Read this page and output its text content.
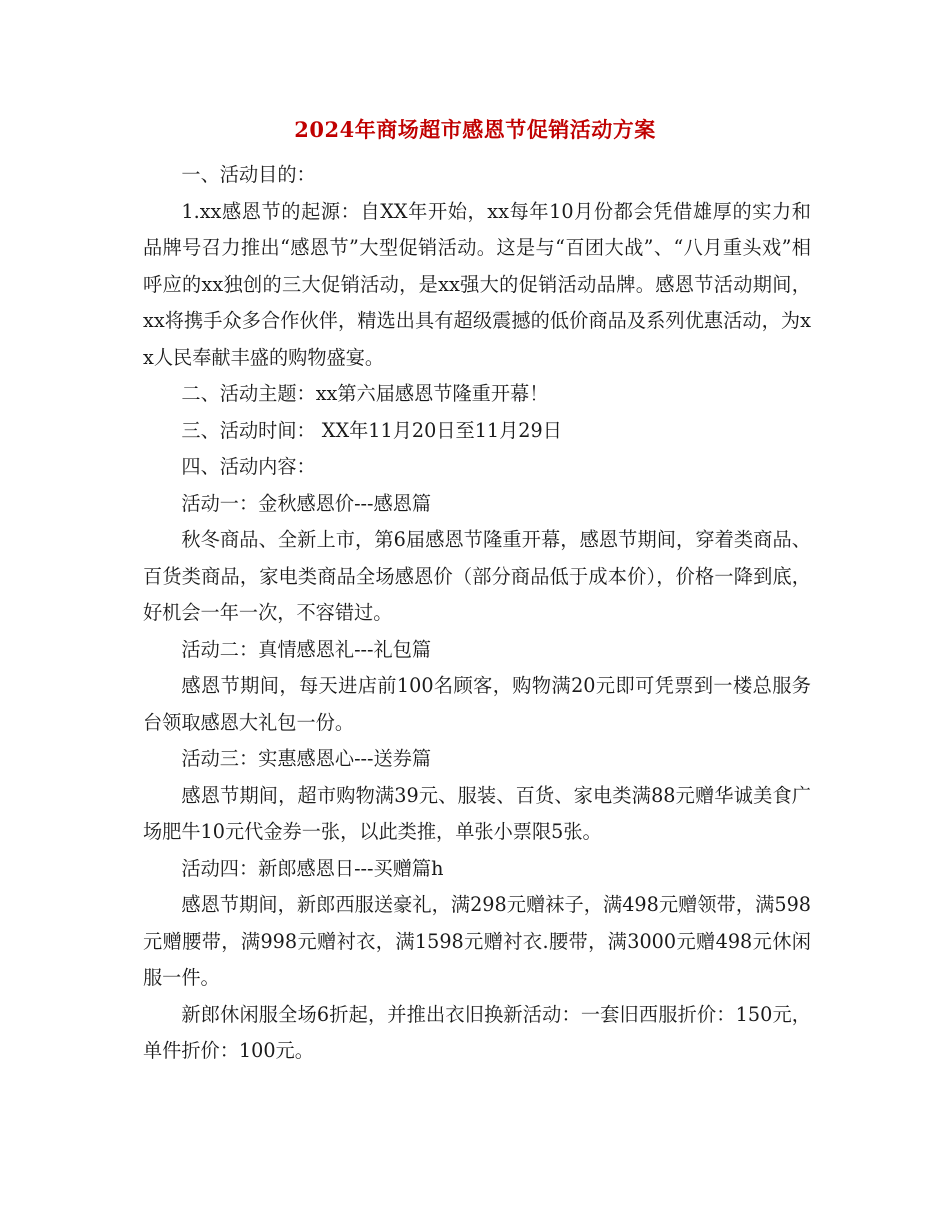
2024年商场超市感恩节促销活动方案

一、活动目的：

1.xx感恩节的起源：自XX年开始，xx每年10月份都会凭借雄厚的实力和品牌号召力推出“感恩节”大型促销活动。这是与“百团大战”、“八月重头戏”相呼应的xx独创的三大促销活动，是xx强大的促销活动品牌。感恩节活动期间，xx将携手众多合作伙伴，精选出具有超级震撼的低价商品及系列优惠活动，为xx人民奉献丰盛的购物盛宴。

二、活动主题：xx第六届感恩节隆重开幕！

三、活动时间： XX年11月20日至11月29日

四、活动内容：

活动一：金秋感恩价---感恩篇

秋冬商品、全新上市，第6届感恩节隆重开幕，感恩节期间，穿着类商品、百货类商品，家电类商品全场感恩价（部分商品低于成本价），价格一降到底，好机会一年一次，不容错过。

活动二：真情感恩礼---礼包篇

感恩节期间，每天进店前100名顾客，购物满20元即可凭票到一楼总服务台领取感恩大礼包一份。

活动三：实惠感恩心---送券篇

感恩节期间，超市购物满39元、服装、百货、家电类满88元赠华诚美食广场肥牛10元代金券一张，以此类推，单张小票限5张。

活动四：新郎感恩日---买赠篇h

感恩节期间，新郎西服送豪礼，满298元赠袜子，满498元赠领带，满598元赠腰带，满998元赠衬衣，满1598元赠衬衣.腰带，满3000元赠498元休闲服一件。

新郎休闲服全场6折起，并推出衣旧换新活动：一套旧西服折价：150元，单件折价：100元。
